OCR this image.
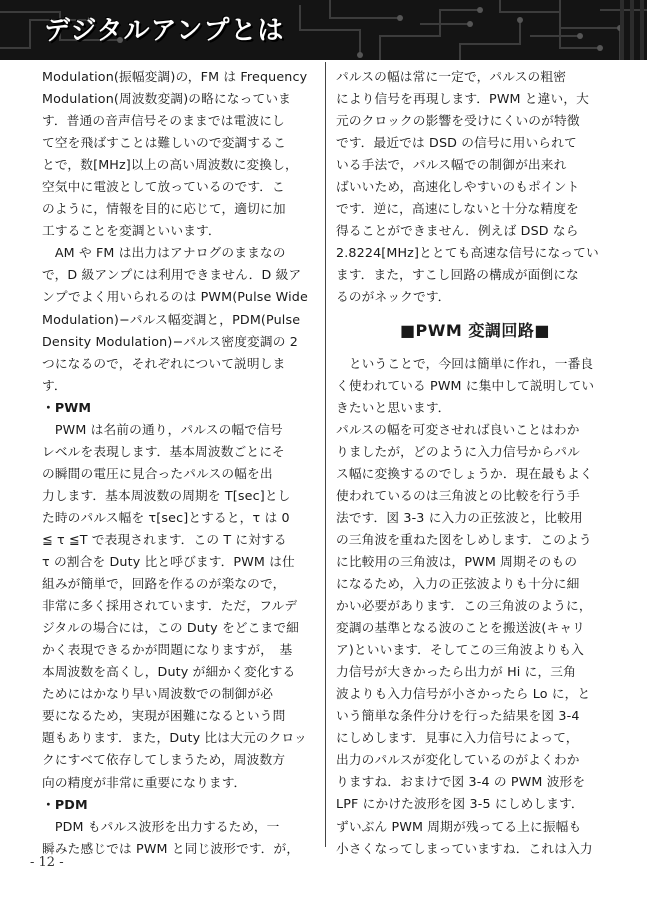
デジタルアンプとは
Modulation(振幅変調)の，FM は Frequency
Modulation(周波数変調)の略になっていま
す．普通の音声信号そのままでは電波にし
て空を飛ばすことは難しいので変調するこ
とで，数[MHz]以上の高い周波数に変換し，
空気中に電波として放っているのです．こ
のように，情報を目的に応じて，適切に加
工することを変調といいます．
　AM や FM は出力はアナログのままなの
で，D 級アンプには利用できません．D 級ア
ンプでよく用いられるのは PWM(Pulse Wide
Modulation)−パルス幅変調と，PDM(Pulse
Density Modulation)−パルス密度変調の 2
つになるので，それぞれについて説明しま
す．
・PWM
　PWM は名前の通り，パルスの幅で信号
レベルを表現します．基本周波数ごとにそ
の瞬間の電圧に見合ったパルスの幅を出
力します．基本周波数の周期を T[sec]とし
た時のパルス幅を τ[sec]とすると，τ は 0
≦ τ ≦T で表現されます．この T に対する
τ の割合を Duty 比と呼びます．PWM は仕
組みが簡単で，回路を作るのが楽なので，
非常に多く採用されています．ただ，フルデ
ジタルの場合には，この Duty をどこまで細
かく表現できるかが問題になりますが，　基
本周波数を高くし，Duty が細かく変化する
ためにはかなり早い周波数での制御が必
要になるため，実現が困難になるという問
題もあります．また，Duty 比は大元のクロッ
クにすべて依存してしまうため，周波数方
向の精度が非常に重要になります．
・PDM
　PDM もパルス波形を出力するため，一
瞬みた感じでは PWM と同じ波形です．が，
パルスの幅は常に一定で，パルスの粗密
により信号を再現します．PWM と違い，大
元のクロックの影響を受けにくいのが特徴
です．最近では DSD の信号に用いられて
いる手法で，パルス幅での制御が出来れ
ばいいため，高速化しやすいのもポイント
です．逆に，高速にしないと十分な精度を
得ることができません．例えば DSD なら
2.8224[MHz]ととても高速な信号になってい
ます．また，すこし回路の構成が面倒にな
るのがネックです．
■PWM 変調回路■
　ということで，今回は簡単に作れ，一番良
く使われている PWM に集中して説明してい
きたいと思います．
パルスの幅を可変させれば良いことはわか
りましたが，どのように入力信号からパル
ス幅に変換するのでしょうか．現在最もよく
使われているのは三角波との比較を行う手
法です．図 3-3 に入力の正弦波と，比較用
の三角波を重ねた図をしめします．このよう
に比較用の三角波は，PWM 周期そのもの
になるため，入力の正弦波よりも十分に細
かい必要があります．この三角波のように，
変調の基準となる波のことを搬送波(キャリ
ア)といいます．そしてこの三角波よりも入
力信号が大きかったら出力が Hi に，三角
波よりも入力信号が小さかったら Lo に，と
いう簡単な条件分けを行った結果を図 3-4
にしめします．見事に入力信号によって，
出力のパルスが変化しているのがよくわか
りますね．おまけで図 3-4 の PWM 波形を
LPF にかけた波形を図 3-5 にしめします．
ずいぶん PWM 周期が残ってる上に振幅も
小さくなってしまっていますね．これは入力
- 12 -
